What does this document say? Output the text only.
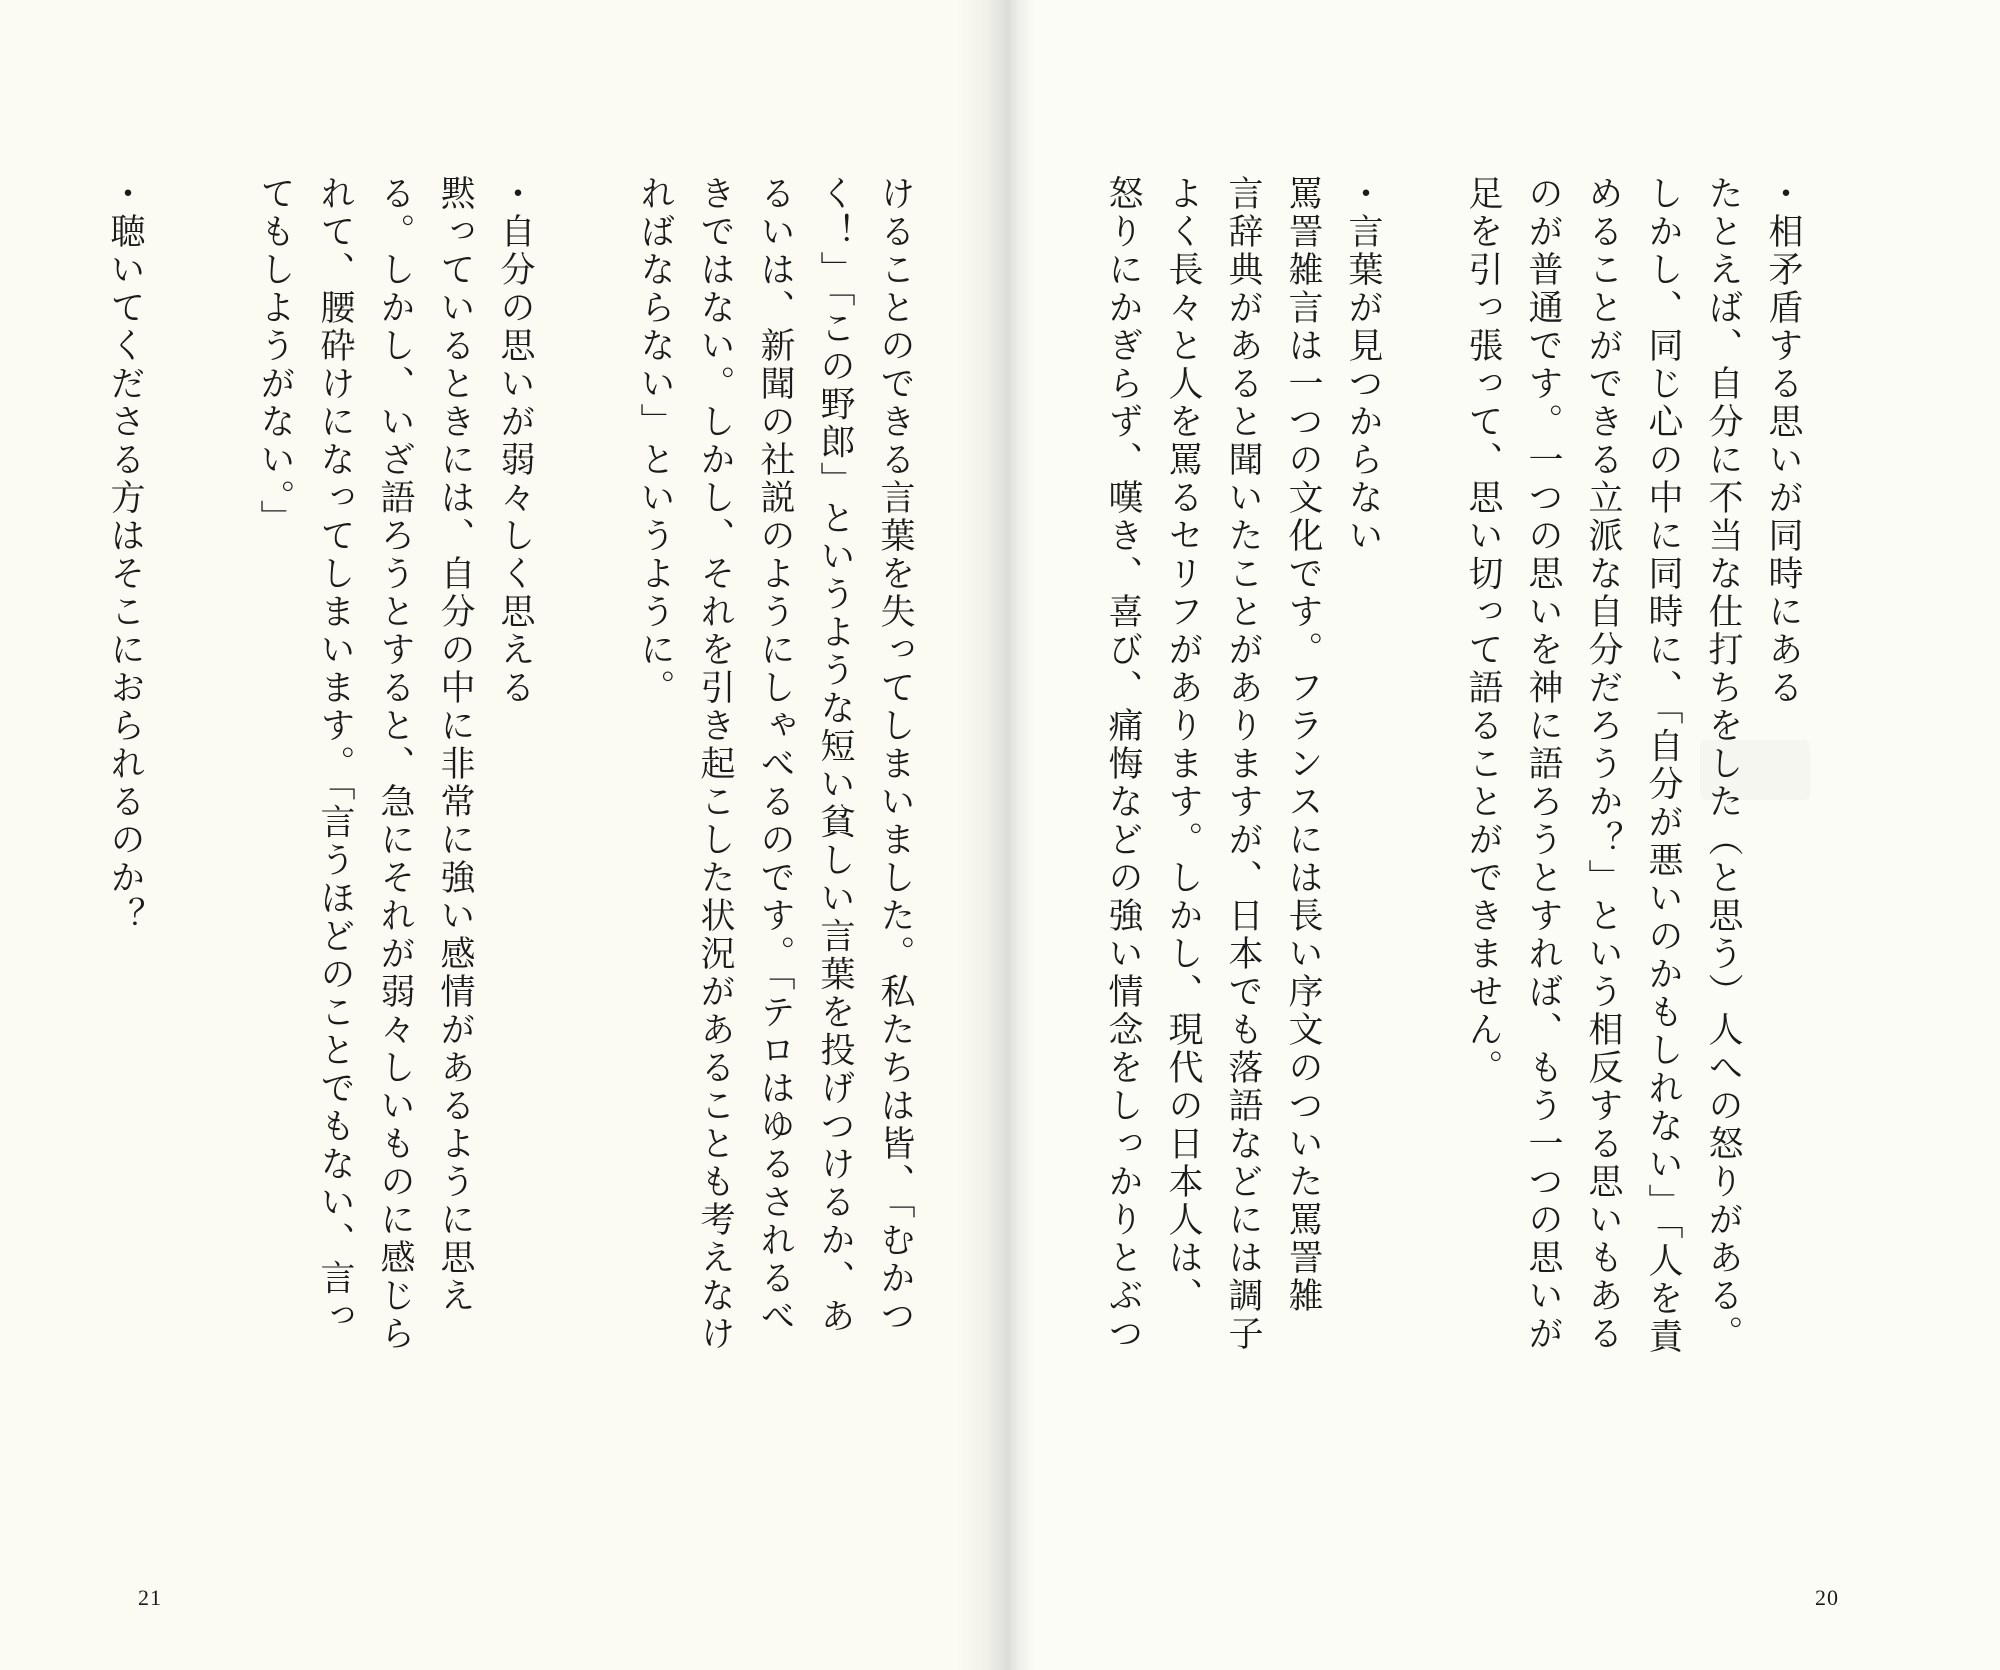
・相矛盾する思いが同時にある
たとえば、自分に不当な仕打ちをした（と思う）人への怒りがある。
しかし、同じ心の中に同時に、「自分が悪いのかもしれない」「人を責
めることができる立派な自分だろうか？」という相反する思いもある
のが普通です。一つの思いを神に語ろうとすれば、もう一つの思いが
足を引っ張って、思い切って語ることができません。
・言葉が見つからない
罵詈雑言は一つの文化です。フランスには長い序文のついた罵詈雑
言辞典があると聞いたことがありますが、日本でも落語などには調子
よく長々と人を罵るセリフがあります。しかし、現代の日本人は、
怒りにかぎらず、嘆き、喜び、痛悔などの強い情念をしっかりとぶつ
けることのできる言葉を失ってしまいました。私たちは皆、「むかつ
く！」「この野郎」というような短い貧しい言葉を投げつけるか、あ
るいは、新聞の社説のようにしゃべるのです。「テロはゆるされるべ
きではない。しかし、それを引き起こした状況があることも考えなけ
ればならない」というように。
・自分の思いが弱々しく思える
黙っているときには、自分の中に非常に強い感情があるように思え
る。しかし、いざ語ろうとすると、急にそれが弱々しいものに感じら
れて、腰砕けになってしまいます。「言うほどのことでもない、言っ
てもしようがない。」
・聴いてくださる方はそこにおられるのか？
21	20
